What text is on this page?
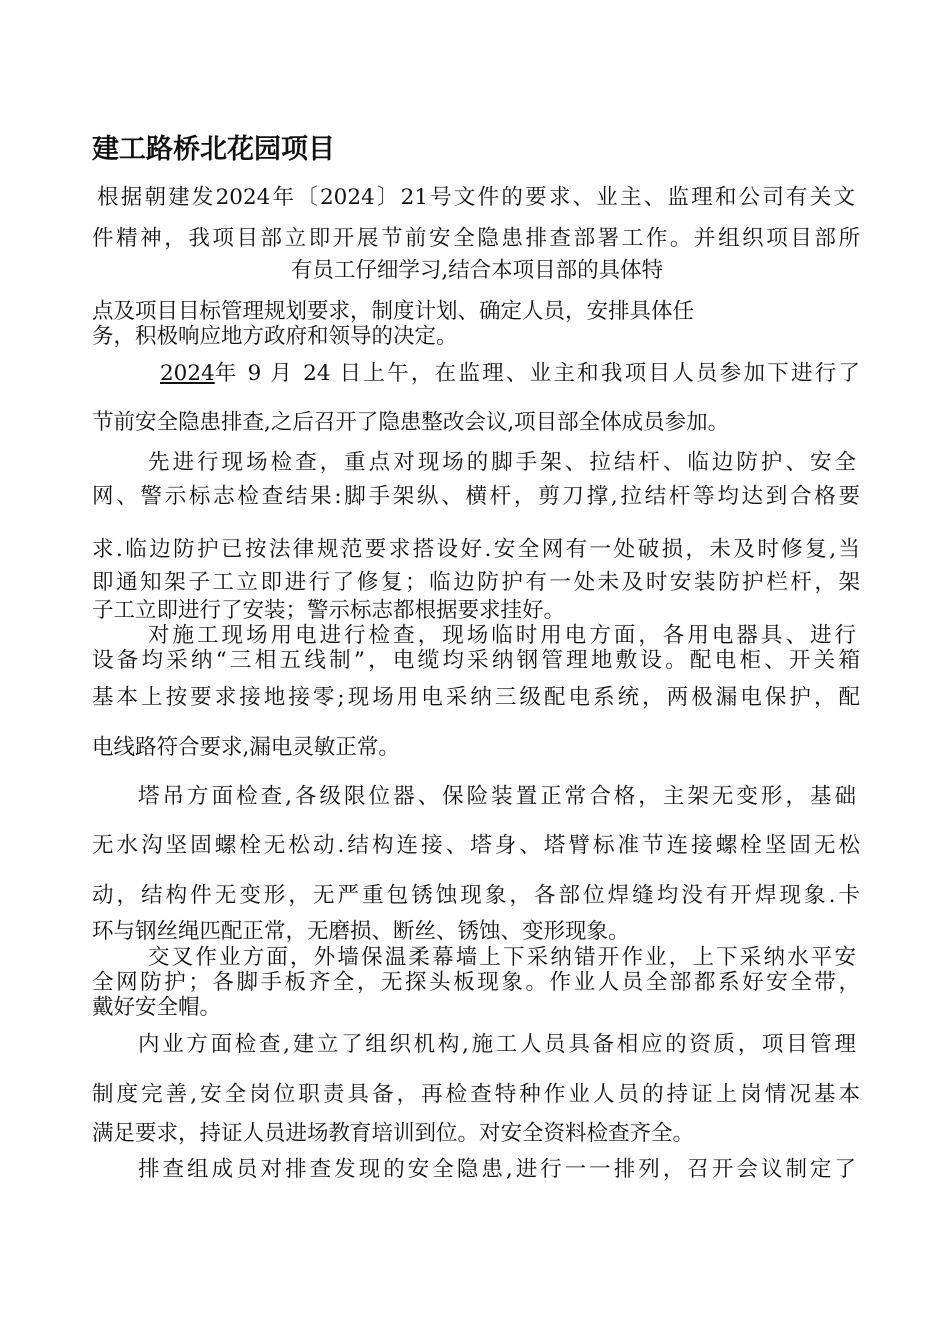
建工路桥北花园项目
根据朝建发2024年〔2024〕21号文件的要求、业主、监理和公司有关文
件精神，我项目部立即开展节前安全隐患排查部署工作。并组织项目部所
有员工仔细学习,结合本项目部的具体特
点及项目目标管理规划要求，制度计划、确定人员，安排具体任
务，积极响应地方政府和领导的决定。
2024 年 9 月 24 日上午，在监理、业主和我项目人员参加下进行了
节前安全隐患排查,之后召开了隐患整改会议,项目部全体成员参加。
先进行现场检查，重点对现场的脚手架、拉结杆、临边防护、安全
网、警示标志检查结果:脚手架纵、横杆，剪刀撑,拉结杆等均达到合格要
求.临边防护已按法律规范要求搭设好.安全网有一处破损，未及时修复,当
即通知架子工立即进行了修复；临边防护有一处未及时安装防护栏杆，架
子工立即进行了安装；警示标志都根据要求挂好。
对施工现场用电进行检查，现场临时用电方面，各用电器具、进行
设备均采纳“三相五线制”，电缆均采纳钢管理地敷设。配电柜、开关箱
基本上按要求接地接零;现场用电采纳三级配电系统，两极漏电保护，配
电线路符合要求,漏电灵敏正常。
塔吊方面检查,各级限位器、保险装置正常合格，主架无变形，基础
无水沟坚固螺栓无松动.结构连接、塔身、塔臂标准节连接螺栓坚固无松
动，结构件无变形，无严重包锈蚀现象，各部位焊缝均没有开焊现象.卡
环与钢丝绳匹配正常，无磨损、断丝、锈蚀、变形现象。
交叉作业方面，外墙保温柔幕墙上下采纳错开作业，上下采纳水平安
全网防护；各脚手板齐全，无探头板现象。作业人员全部都系好安全带，
戴好安全帽。
内业方面检查,建立了组织机构,施工人员具备相应的资质，项目管理
制度完善,安全岗位职责具备，再检查特种作业人员的持证上岗情况基本
满足要求，持证人员进场教育培训到位。对安全资料检查齐全。
排查组成员对排查发现的安全隐患,进行一一排列，召开会议制定了
